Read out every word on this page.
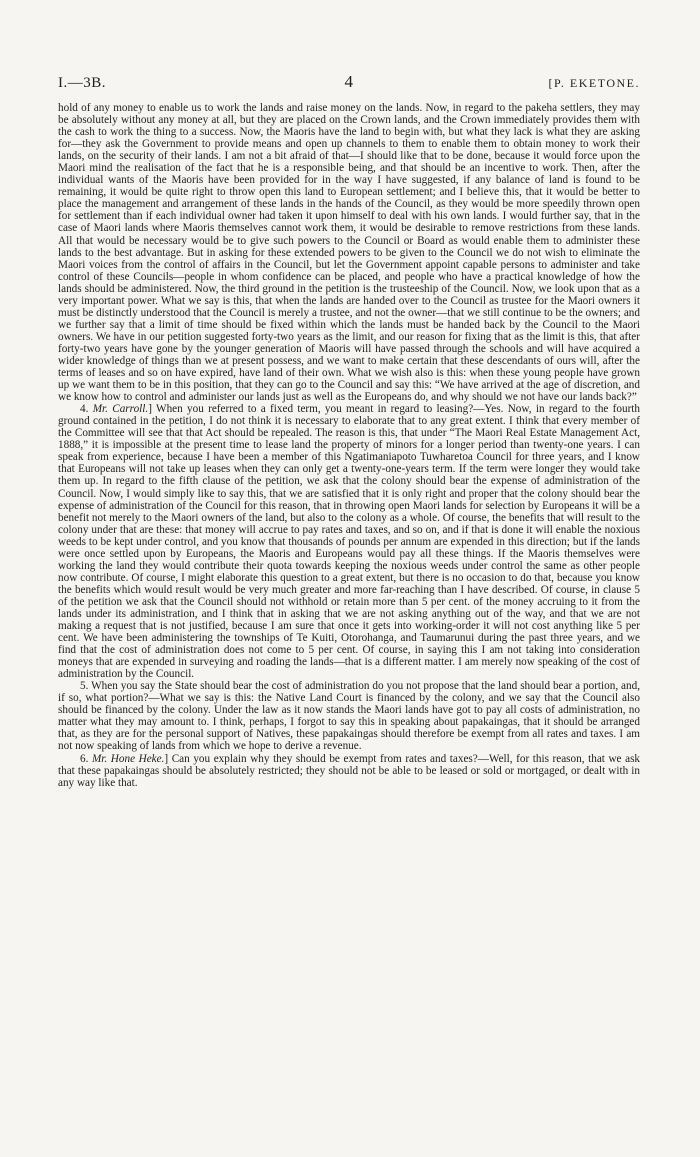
I.—3B.	4	[P. EKETONE.

hold of any money to enable us to work the lands and raise money on the lands. Now, in regard to the pakeha settlers, they may be absolutely without any money at all, but they are placed on the Crown lands, and the Crown immediately provides them with the cash to work the thing to a success. Now, the Maoris have the land to begin with, but what they lack is what they are asking for—they ask the Government to provide means and open up channels to them to enable them to obtain money to work their lands, on the security of their lands. I am not a bit afraid of that—I should like that to be done, because it would force upon the Maori mind the realisation of the fact that he is a responsible being, and that should be an incentive to work. Then, after the individual wants of the Maoris have been provided for in the way I have suggested, if any balance of land is found to be remaining, it would be quite right to throw open this land to European settlement; and I believe this, that it would be better to place the management and arrangement of these lands in the hands of the Council, as they would be more speedily thrown open for settlement than if each individual owner had taken it upon himself to deal with his own lands. I would further say, that in the case of Maori lands where Maoris themselves cannot work them, it would be desirable to remove restrictions from these lands. All that would be necessary would be to give such powers to the Council or Board as would enable them to administer these lands to the best advantage. But in asking for these extended powers to be given to the Council we do not wish to eliminate the Maori voices from the control of affairs in the Council, but let the Government appoint capable persons to administer and take control of these Councils—people in whom confidence can be placed, and people who have a practical knowledge of how the lands should be administered. Now, the third ground in the petition is the trusteeship of the Council. Now, we look upon that as a very important power. What we say is this, that when the lands are handed over to the Council as trustee for the Maori owners it must be distinctly understood that the Council is merely a trustee, and not the owner—that we still continue to be the owners; and we further say that a limit of time should be fixed within which the lands must be handed back by the Council to the Maori owners. We have in our petition suggested forty-two years as the limit, and our reason for fixing that as the limit is this, that after forty-two years have gone by the younger generation of Maoris will have passed through the schools and will have acquired a wider knowledge of things than we at present possess, and we want to make certain that these descendants of ours will, after the terms of leases and so on have expired, have land of their own. What we wish also is this: when these young people have grown up we want them to be in this position, that they can go to the Council and say this: “We have arrived at the age of discretion, and we know how to control and administer our lands just as well as the Europeans do, and why should we not have our lands back?”

4. Mr. Carroll.] When you referred to a fixed term, you meant in regard to leasing?—Yes. Now, in regard to the fourth ground contained in the petition, I do not think it is necessary to elaborate that to any great extent. I think that every member of the Committee will see that that Act should be repealed. The reason is this, that under “The Maori Real Estate Management Act, 1888,” it is impossible at the present time to lease land the property of minors for a longer period than twenty-one years. I can speak from experience, because I have been a member of this Ngatimaniapoto Tuwharetoa Council for three years, and I know that Europeans will not take up leases when they can only get a twenty-one-years term. If the term were longer they would take them up. In regard to the fifth clause of the petition, we ask that the colony should bear the expense of administration of the Council. Now, I would simply like to say this, that we are satisfied that it is only right and proper that the colony should bear the expense of administration of the Council for this reason, that in throwing open Maori lands for selection by Europeans it will be a benefit not merely to the Maori owners of the land, but also to the colony as a whole. Of course, the benefits that will result to the colony under that are these: that money will accrue to pay rates and taxes, and so on, and if that is done it will enable the noxious weeds to be kept under control, and you know that thousands of pounds per annum are expended in this direction; but if the lands were once settled upon by Europeans, the Maoris and Europeans would pay all these things. If the Maoris themselves were working the land they would contribute their quota towards keeping the noxious weeds under control the same as other people now contribute. Of course, I might elaborate this question to a great extent, but there is no occasion to do that, because you know the benefits which would result would be very much greater and more far-reaching than I have described. Of course, in clause 5 of the petition we ask that the Council should not withhold or retain more than 5 per cent. of the money accruing to it from the lands under its administration, and I think that in asking that we are not asking anything out of the way, and that we are not making a request that is not justified, because I am sure that once it gets into working-order it will not cost anything like 5 per cent. We have been administering the townships of Te Kuiti, Otorohanga, and Taumarunui during the past three years, and we find that the cost of administration does not come to 5 per cent. Of course, in saying this I am not taking into consideration moneys that are expended in surveying and roading the lands—that is a different matter. I am merely now speaking of the cost of administration by the Council.

5. When you say the State should bear the cost of administration do you not propose that the land should bear a portion, and, if so, what portion?—What we say is this: the Native Land Court is financed by the colony, and we say that the Council also should be financed by the colony. Under the law as it now stands the Maori lands have got to pay all costs of administration, no matter what they may amount to. I think, perhaps, I forgot to say this in speaking about papakaingas, that it should be arranged that, as they are for the personal support of Natives, these papakaingas should therefore be exempt from all rates and taxes. I am not now speaking of lands from which we hope to derive a revenue.

6. Mr. Hone Heke.] Can you explain why they should be exempt from rates and taxes?—Well, for this reason, that we ask that these papakaingas should be absolutely restricted; they should not be able to be leased or sold or mortgaged, or dealt with in any way like that.
